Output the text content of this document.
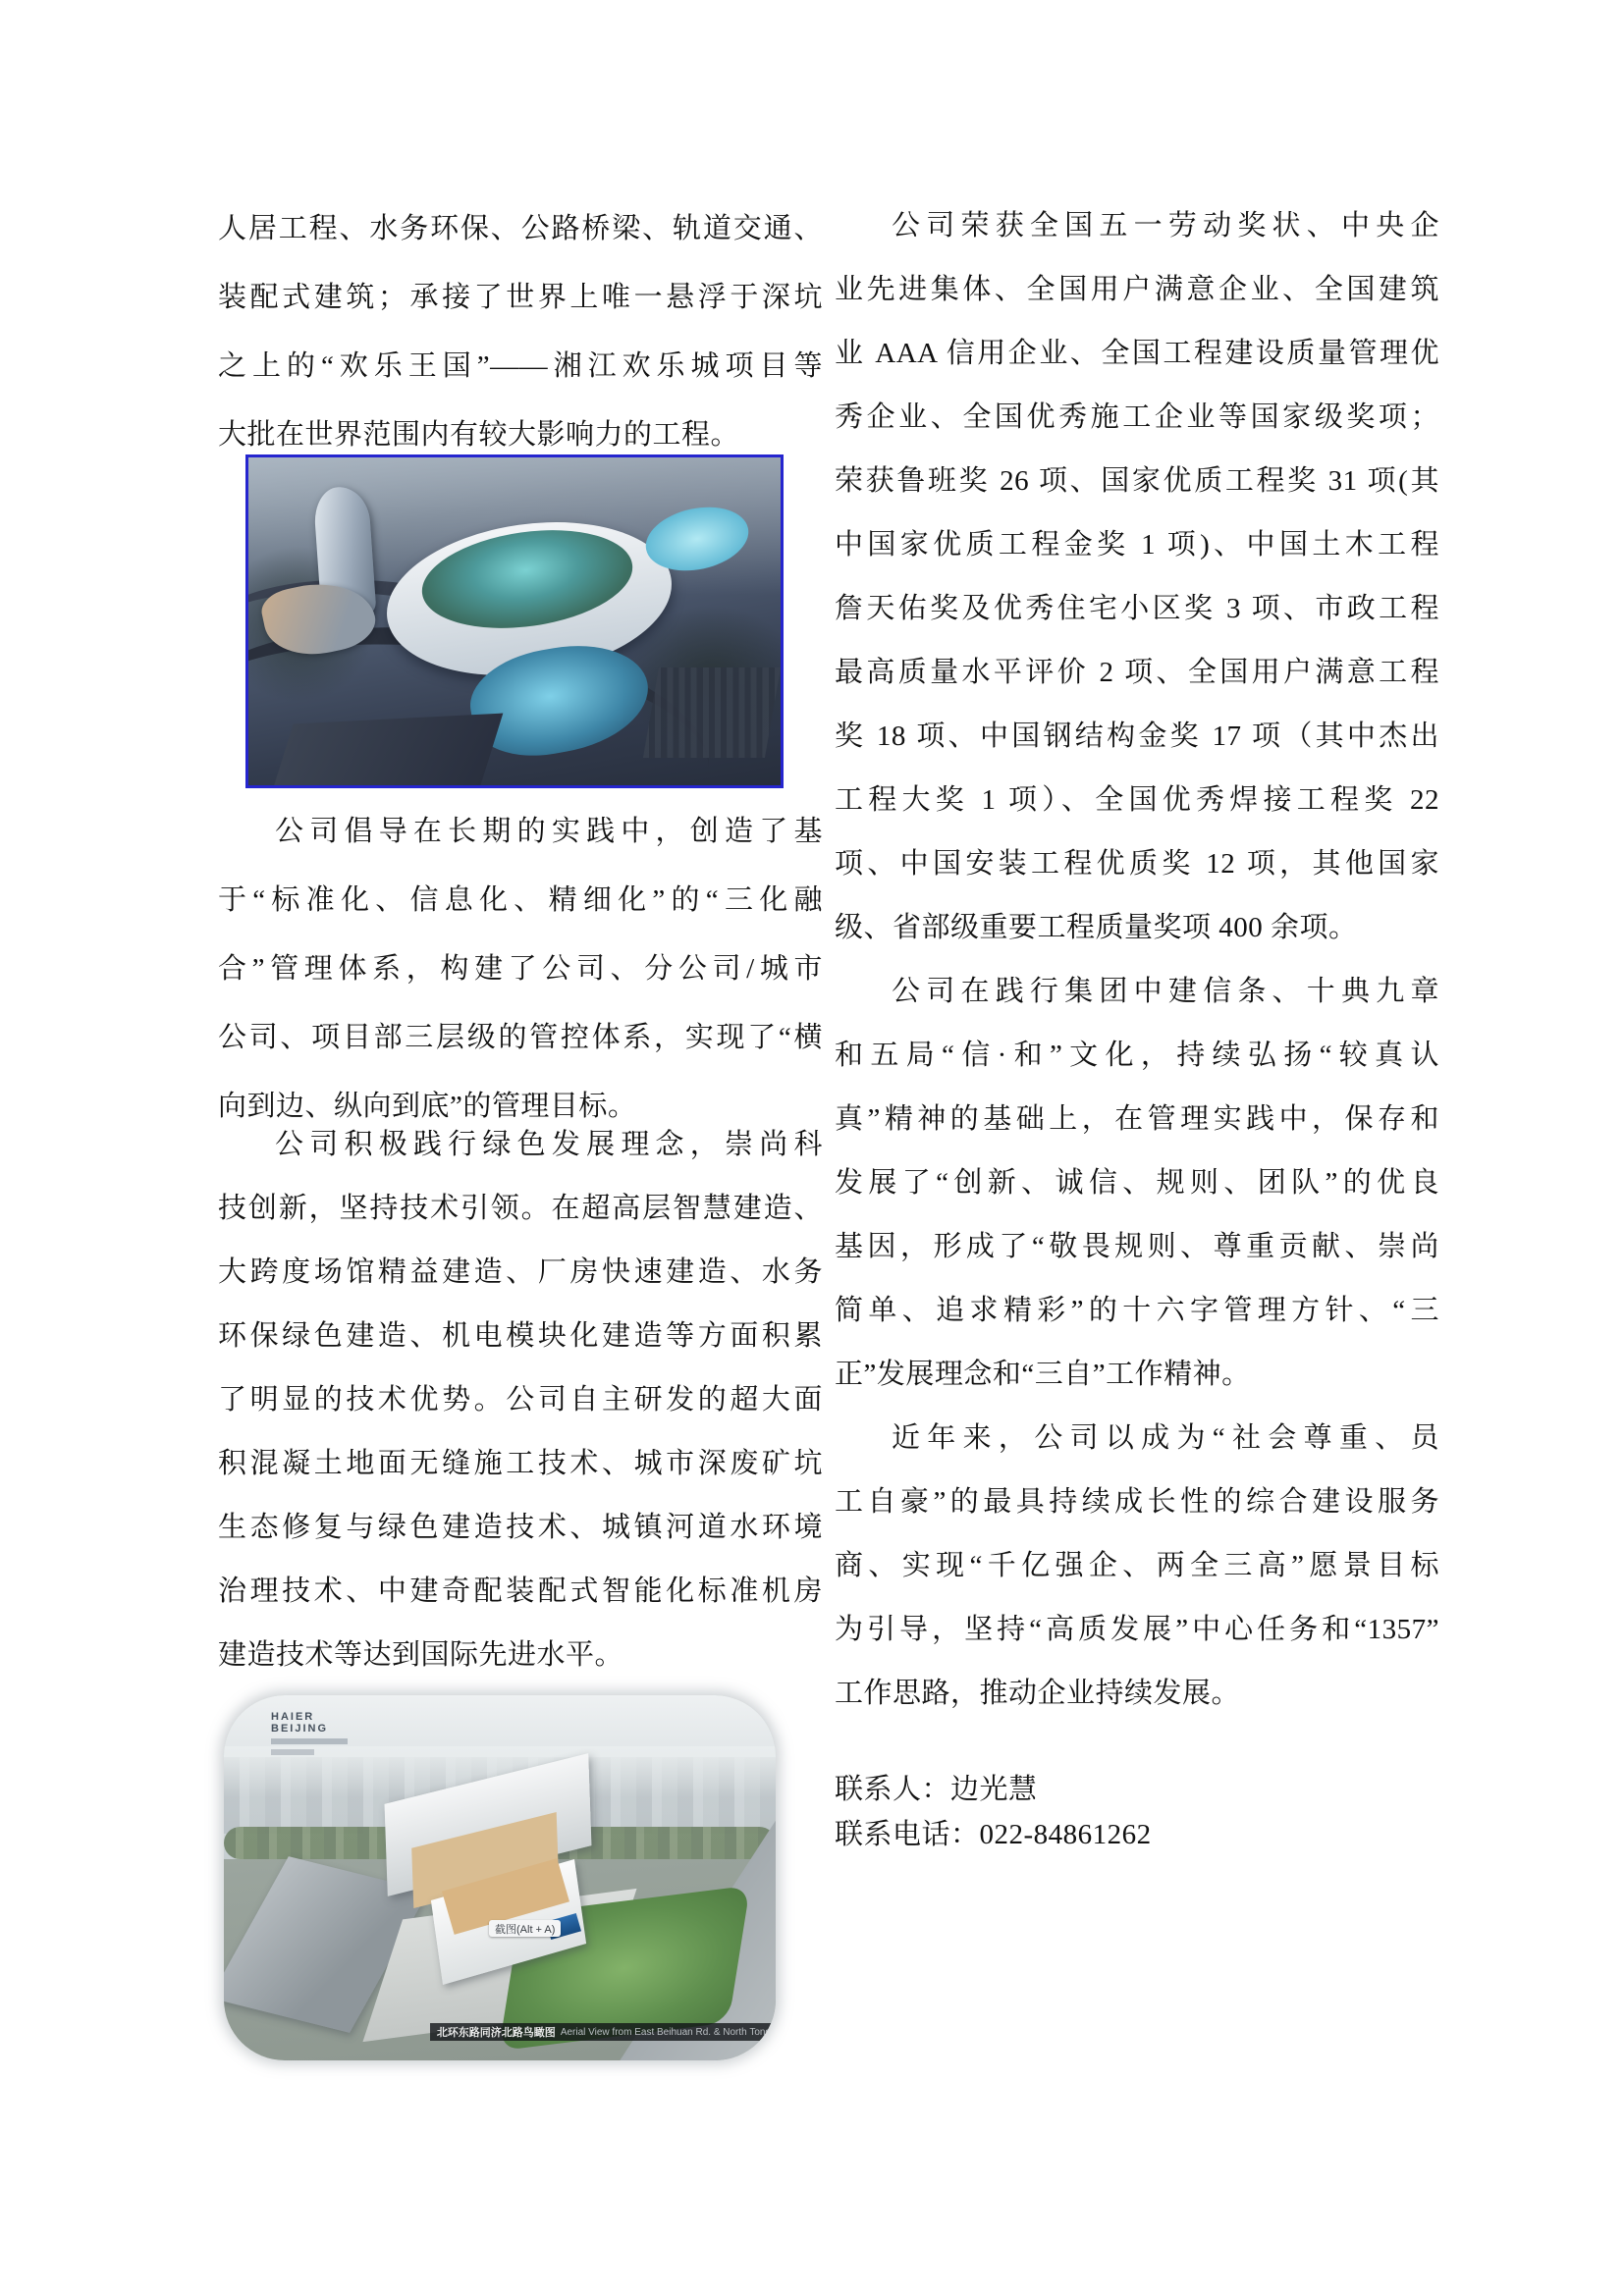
人居工程、水务环保、公路桥梁、轨道交通、
装配式建筑；承接了世界上唯一悬浮于深坑
之上的“欢乐王国”——湘江欢乐城项目等
大批在世界范围内有较大影响力的工程。
公司倡导在长期的实践中，创造了基
于“标准化、信息化、精细化”的“三化融
合”管理体系，构建了公司、分公司/城市
公司、项目部三层级的管控体系，实现了“横
向到边、纵向到底”的管理目标。
公司积极践行绿色发展理念，崇尚科
技创新，坚持技术引领。在超高层智慧建造、
大跨度场馆精益建造、厂房快速建造、水务
环保绿色建造、机电模块化建造等方面积累
了明显的技术优势。公司自主研发的超大面
积混凝土地面无缝施工技术、城市深废矿坑
生态修复与绿色建造技术、城镇河道水环境
治理技术、中建奇配装配式智能化标准机房
建造技术等达到国际先进水平。
HAIER
BEIJING
截图(Alt + A)
北环东路同济北路鸟瞰图 Aerial View from East Beihuan Rd. & North Tong
公司荣获全国五一劳动奖状、中央企
业先进集体、全国用户满意企业、全国建筑
业 AAA 信用企业、全国工程建设质量管理优
秀企业、全国优秀施工企业等国家级奖项；
荣获鲁班奖 26 项、国家优质工程奖 31 项(其
中国家优质工程金奖 1 项)、中国土木工程
詹天佑奖及优秀住宅小区奖 3 项、市政工程
最高质量水平评价 2 项、全国用户满意工程
奖 18 项、中国钢结构金奖 17 项（其中杰出
工程大奖 1 项）、全国优秀焊接工程奖 22
项、中国安装工程优质奖 12 项，其他国家
级、省部级重要工程质量奖项 400 余项。
公司在践行集团中建信条、十典九章
和五局“信·和”文化，持续弘扬“较真认
真”精神的基础上，在管理实践中，保存和
发展了“创新、诚信、规则、团队”的优良
基因，形成了“敬畏规则、尊重贡献、崇尚
简单、追求精彩”的十六字管理方针、“三
正”发展理念和“三自”工作精神。
近年来，公司以成为“社会尊重、员
工自豪”的最具持续成长性的综合建设服务
商、实现“千亿强企、两全三高”愿景目标
为引导，坚持“高质发展”中心任务和“1357”
工作思路，推动企业持续发展。
联系人：边光慧
联系电话：022-84861262
